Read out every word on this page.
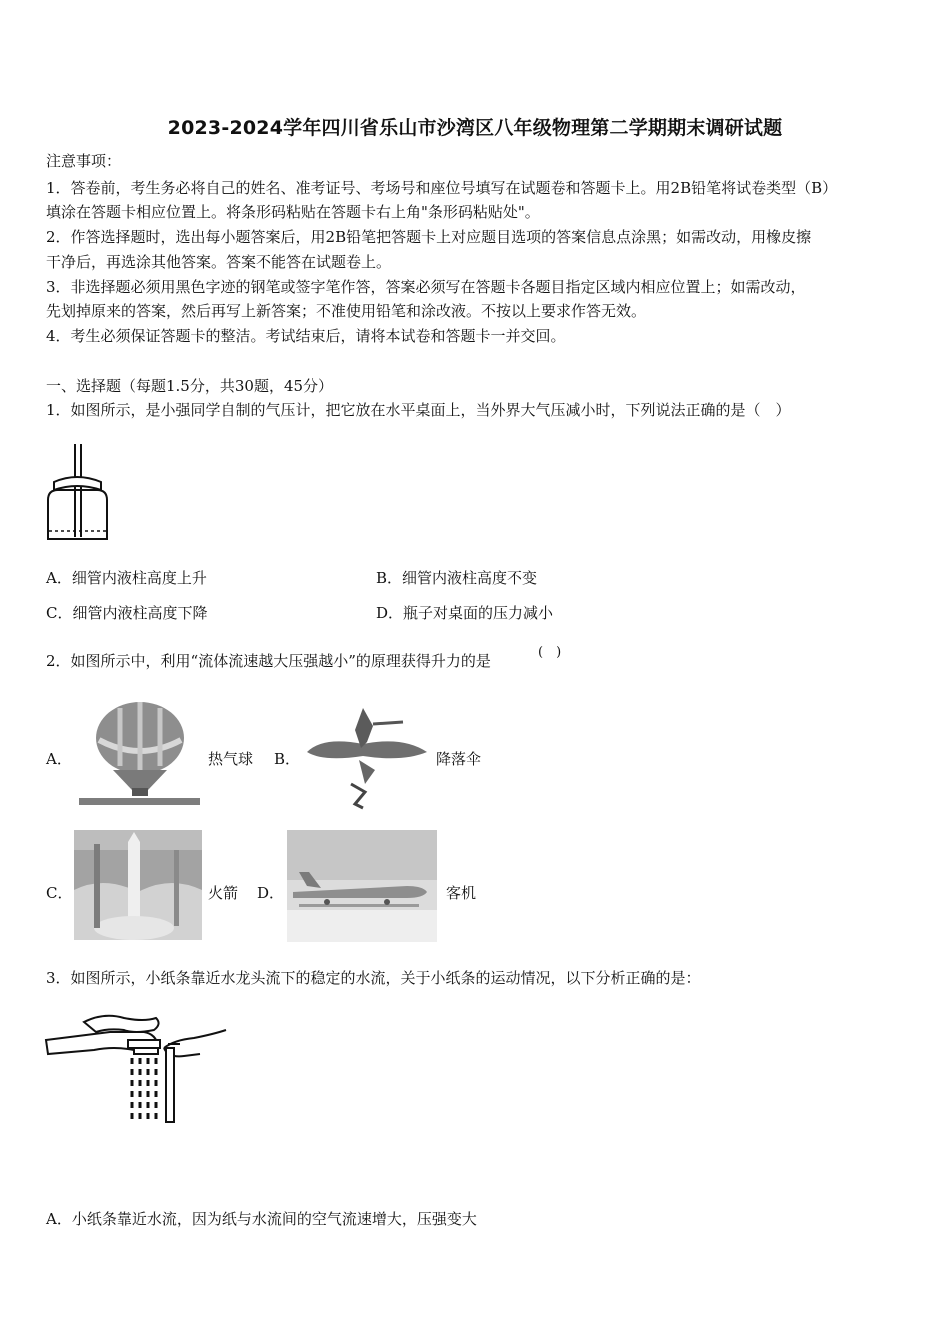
2023-2024学年四川省乐山市沙湾区八年级物理第二学期期末调研试题
注意事项：
1．答卷前，考生务必将自己的姓名、准考证号、考场号和座位号填写在试题卷和答题卡上。用2B铅笔将试卷类型（B）
填涂在答题卡相应位置上。将条形码粘贴在答题卡右上角"条形码粘贴处"。
2．作答选择题时，选出每小题答案后，用2B铅笔把答题卡上对应题目选项的答案信息点涂黑；如需改动，用橡皮擦
干净后，再选涂其他答案。答案不能答在试题卷上。
3．非选择题必须用黑色字迹的钢笔或签字笔作答，答案必须写在答题卡各题目指定区域内相应位置上；如需改动，
先划掉原来的答案，然后再写上新答案；不准使用铅笔和涂改液。不按以上要求作答无效。
4．考生必须保证答题卡的整洁。考试结束后，请将本试卷和答题卡一并交回。
一、选择题（每题1.5分，共30题，45分）
1．如图所示，是小强同学自制的气压计，把它放在水平桌面上，当外界大气压减小时，下列说法正确的是（　）
A．细管内液柱高度上升	B．细管内液柱高度不变
C．细管内液柱高度下降	D．瓶子对桌面的压力减小
2．如图所示中，利用“流体流速越大压强越小”的原理获得升力的是	(　)
A．	热气球 B．	降落伞
C．	火箭 D．	客机
3．如图所示，小纸条靠近水龙头流下的稳定的水流，关于小纸条的运动情况，以下分析正确的是：
A．小纸条靠近水流，因为纸与水流间的空气流速增大，压强变大
